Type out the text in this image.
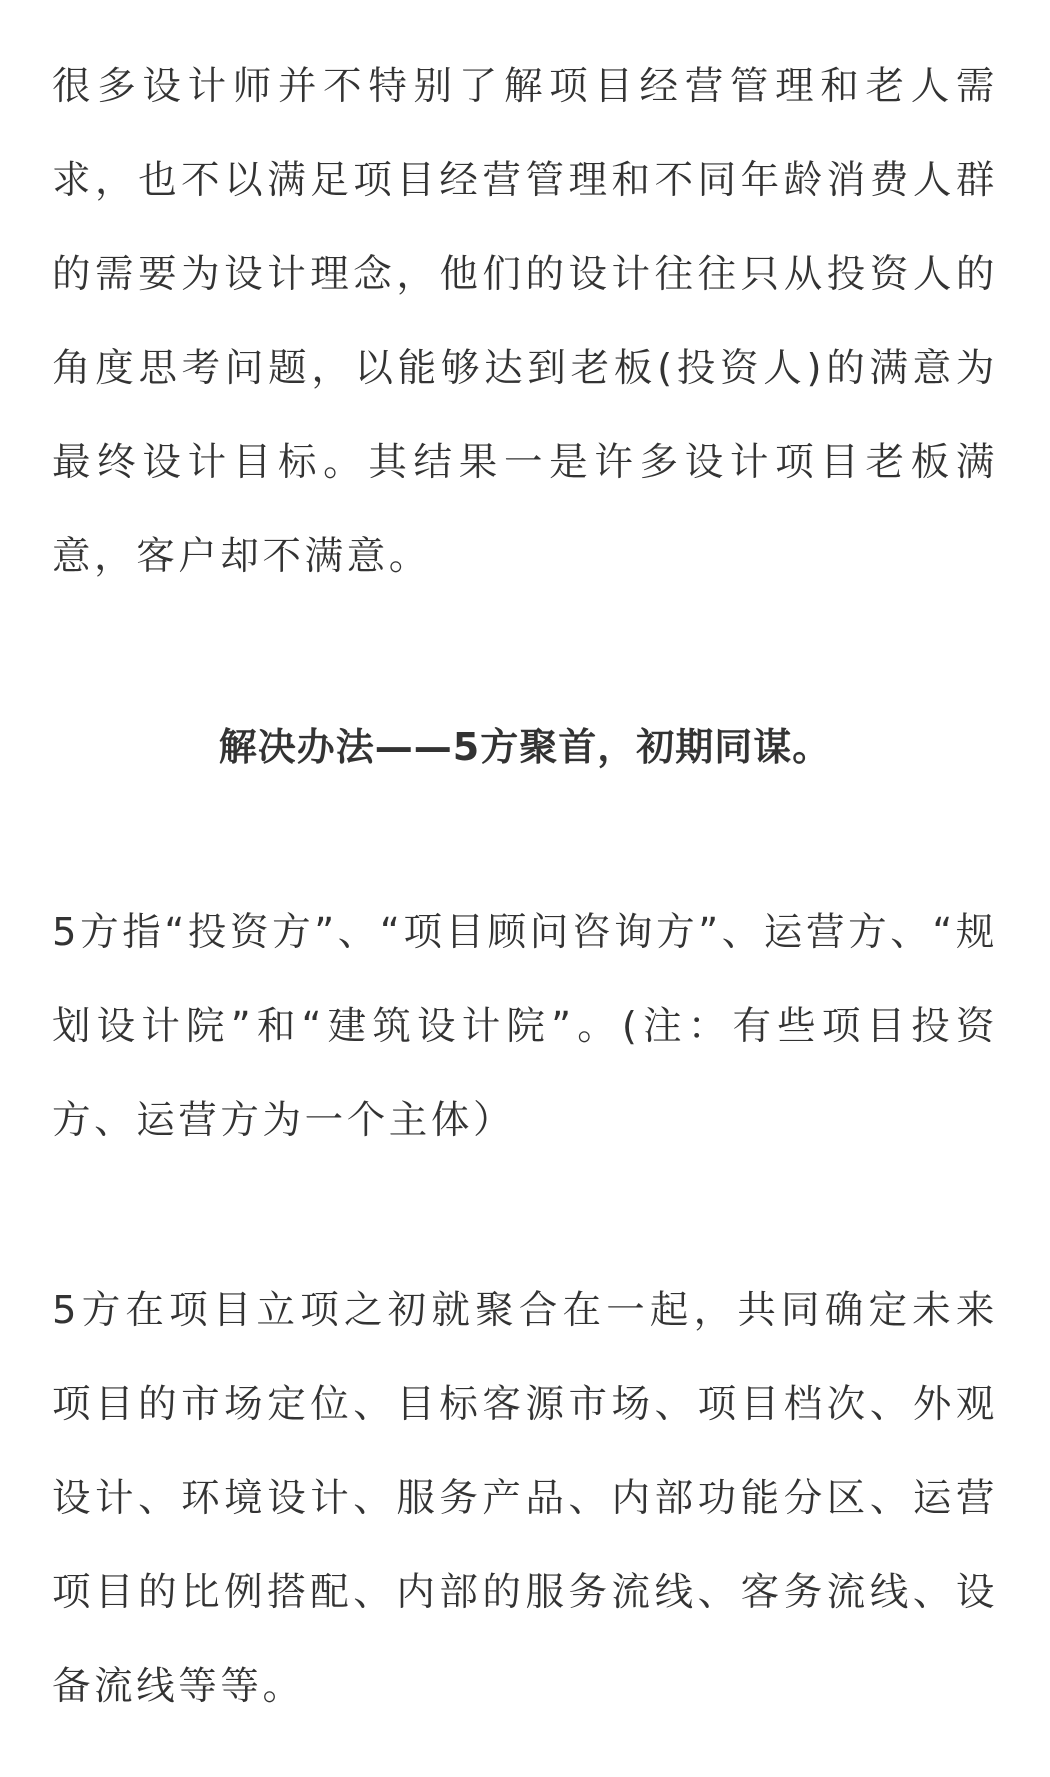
很多设计师并不特别了解项目经营管理和老人需求，也不以满足项目经营管理和不同年龄消费人群的需要为设计理念，他们的设计往往只从投资人的角度思考问题，以能够达到老板(投资人)的满意为最终设计目标。其结果一是许多设计项目老板满意，客户却不满意。

解决办法——5方聚首，初期同谋。

5方指“投资方”、“项目顾问咨询方”、运营方、“规划设计院”和“建筑设计院”。(注：有些项目投资方、运营方为一个主体）

5方在项目立项之初就聚合在一起，共同确定未来项目的市场定位、目标客源市场、项目档次、外观设计、环境设计、服务产品、内部功能分区、运营项目的比例搭配、内部的服务流线、客务流线、设备流线等等。
